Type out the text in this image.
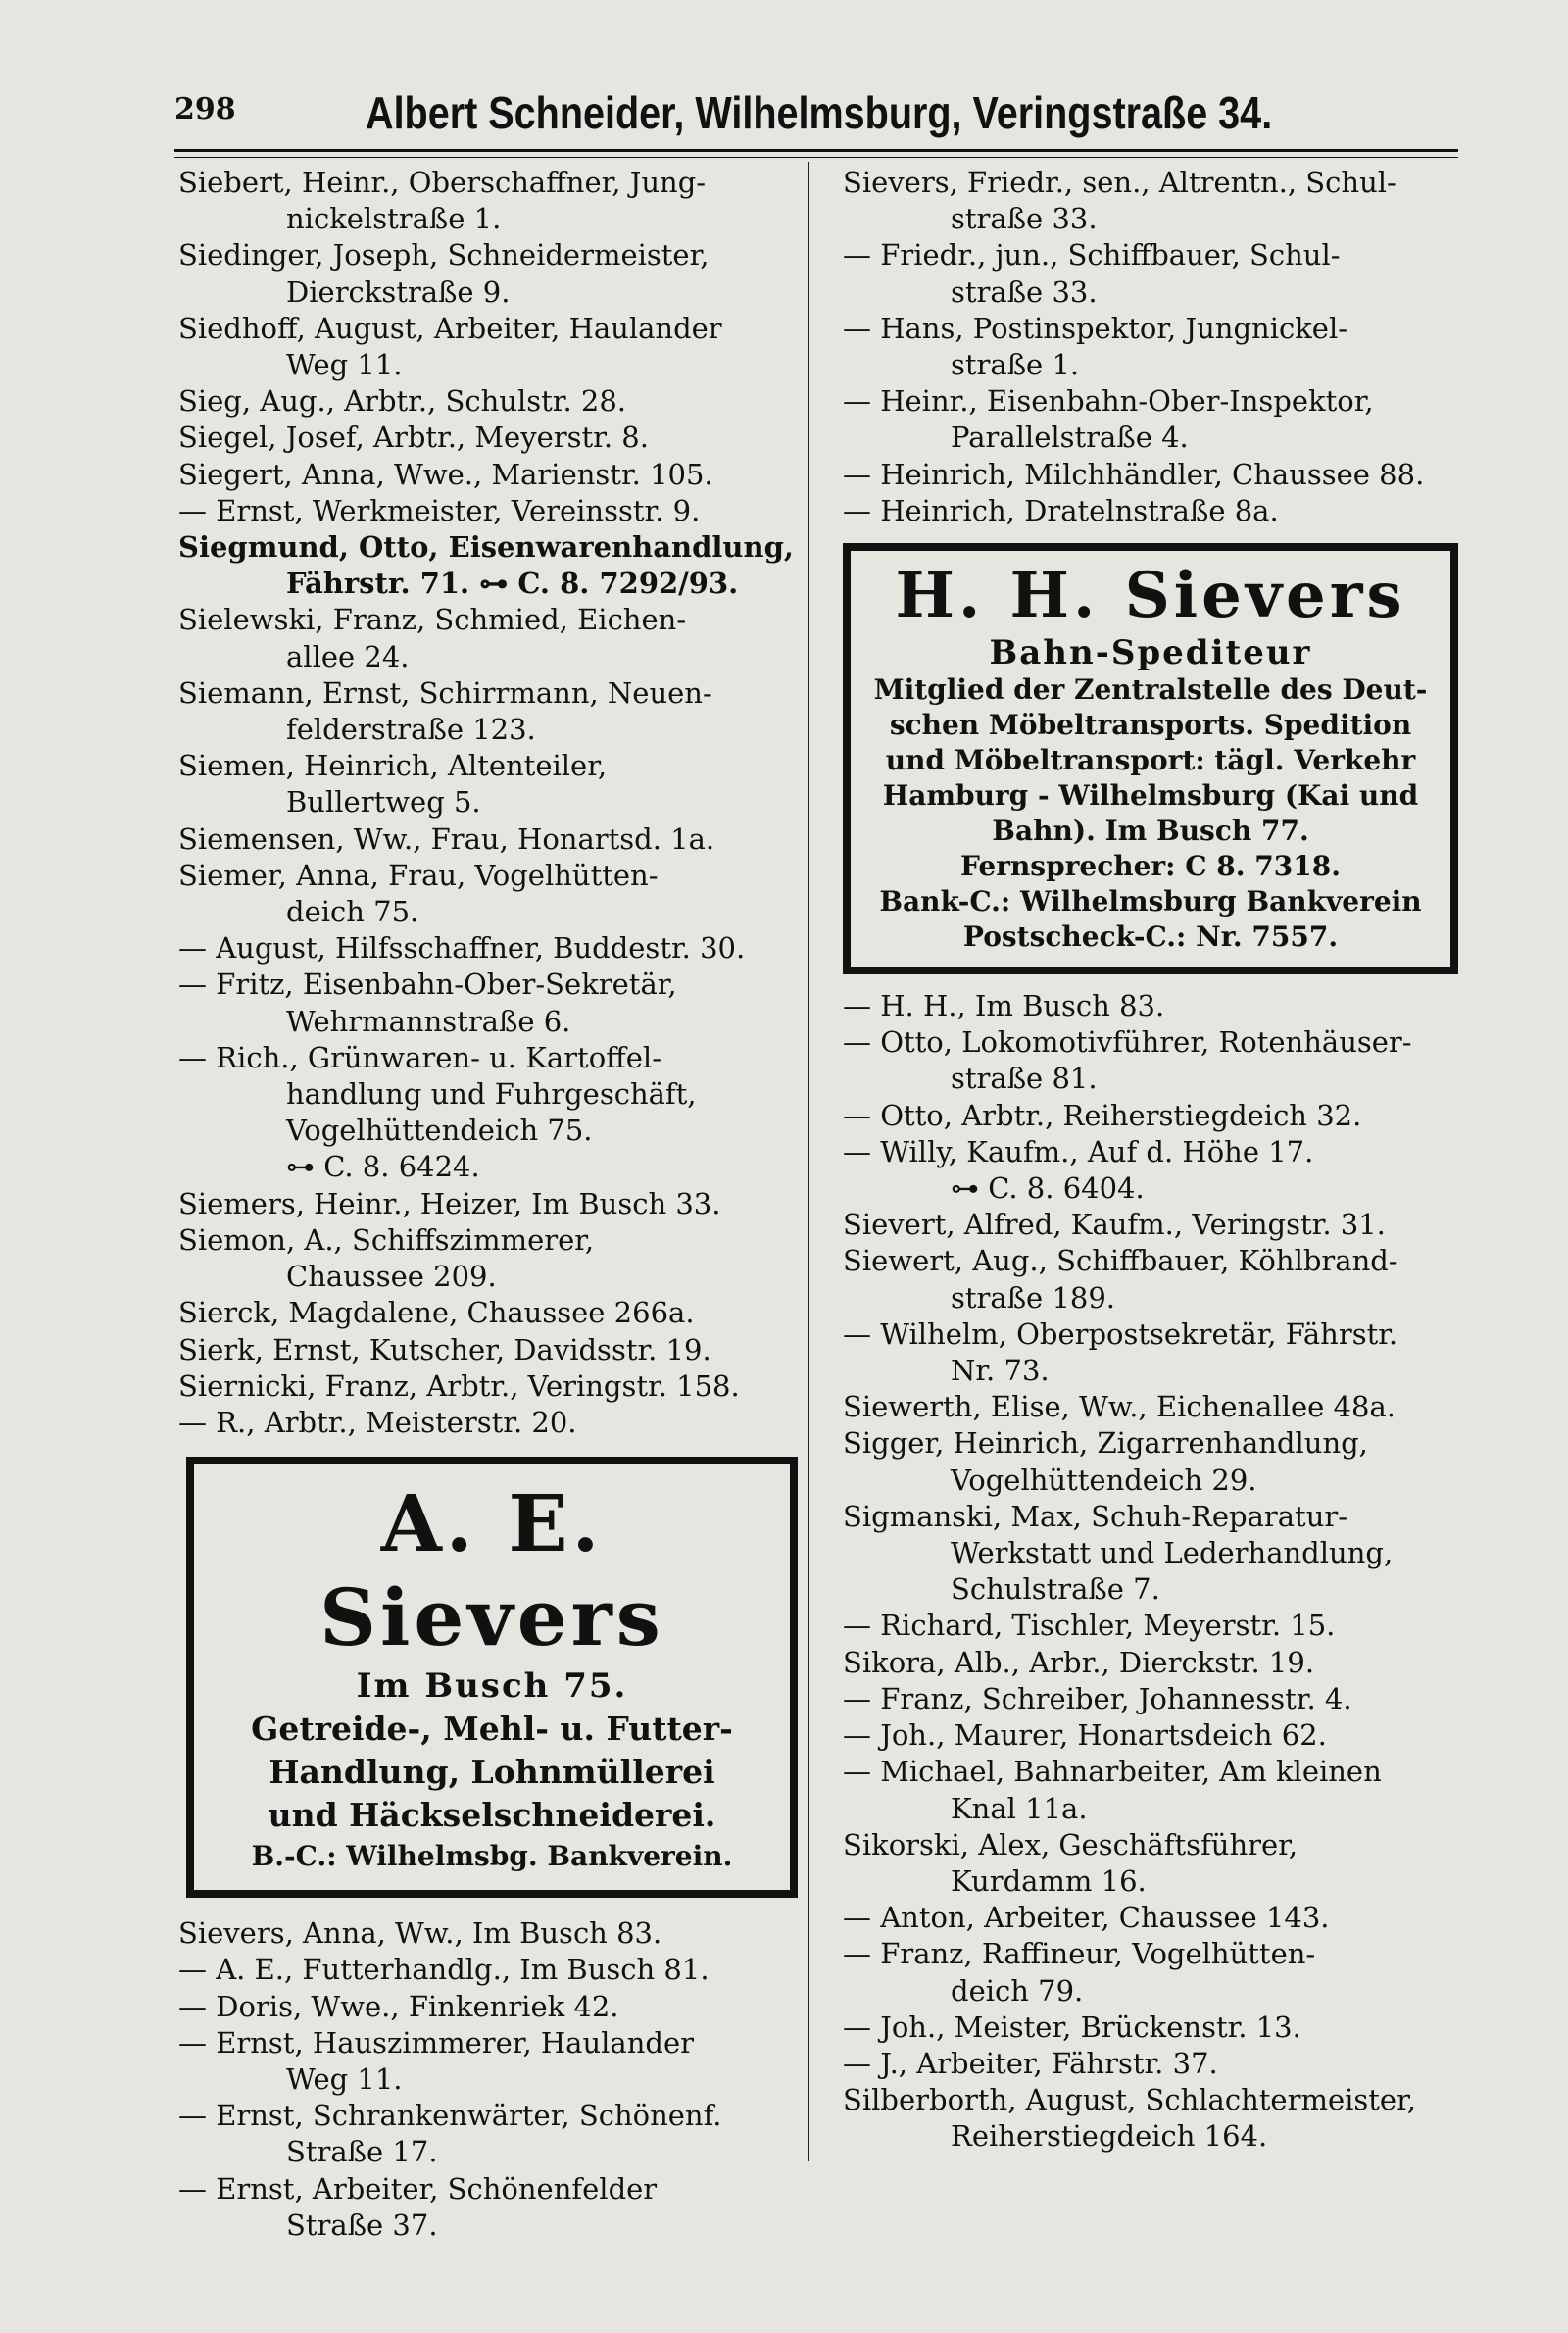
298	Albert Schneider, Wilhelmsburg, Veringstraße 34.
Siebert, Heinr., Oberschaffner, Jung-
nickelstraße 1.
Siedinger, Joseph, Schneidermeister,
Dierckstraße 9.
Siedhoff, August, Arbeiter, Haulander
Weg 11.
Sieg, Aug., Arbtr., Schulstr. 28.
Siegel, Josef, Arbtr., Meyerstr. 8.
Siegert, Anna, Wwe., Marienstr. 105.
— Ernst, Werkmeister, Vereinsstr. 9.
Siegmund, Otto, Eisenwarenhandlung,
Fährstr. 71. ⊶ C. 8. 7292/93.
Sielewski, Franz, Schmied, Eichen-
allee 24.
Siemann, Ernst, Schirrmann, Neuen-
felderstraße 123.
Siemen, Heinrich, Altenteiler,
Bullertweg 5.
Siemensen, Ww., Frau, Honartsd. 1a.
Siemer, Anna, Frau, Vogelhütten-
deich 75.
— August, Hilfsschaffner, Buddestr. 30.
— Fritz, Eisenbahn-Ober-Sekretär,
Wehrmannstraße 6.
— Rich., Grünwaren- u. Kartoffel-
handlung und Fuhrgeschäft,
Vogelhüttendeich 75.
⊶ C. 8. 6424.
Siemers, Heinr., Heizer, Im Busch 33.
Siemon, A., Schiffszimmerer,
Chaussee 209.
Sierck, Magdalene, Chaussee 266a.
Sierk, Ernst, Kutscher, Davidsstr. 19.
Siernicki, Franz, Arbtr., Veringstr. 158.
— R., Arbtr., Meisterstr. 20.
A. E. Sievers
Im Busch 75.
Getreide-, Mehl- u. Futter-
Handlung, Lohnmüllerei
und Häckselschneiderei.
B.-C.: Wilhelmsbg. Bankverein.
Sievers, Anna, Ww., Im Busch 83.
— A. E., Futterhandlg., Im Busch 81.
— Doris, Wwe., Finkenriek 42.
— Ernst, Hauszimmerer, Haulander
Weg 11.
— Ernst, Schrankenwärter, Schönenf.
Straße 17.
— Ernst, Arbeiter, Schönenfelder
Straße 37.
Sievers, Friedr., sen., Altrentn., Schul-
straße 33.
— Friedr., jun., Schiffbauer, Schul-
straße 33.
— Hans, Postinspektor, Jungnickel-
straße 1.
— Heinr., Eisenbahn-Ober-Inspektor,
Parallelstraße 4.
— Heinrich, Milchhändler, Chaussee 88.
— Heinrich, Dratelnstraße 8a.
H. H. Sievers
Bahn-Spediteur
Mitglied der Zentralstelle des Deut-
schen Möbeltransports. Spedition
und Möbeltransport: tägl. Verkehr
Hamburg - Wilhelmsburg (Kai und
Bahn). Im Busch 77.
Fernsprecher: C 8. 7318.
Bank-C.: Wilhelmsburg Bankverein
Postscheck-C.: Nr. 7557.
— H. H., Im Busch 83.
— Otto, Lokomotivführer, Rotenhäuser-
straße 81.
— Otto, Arbtr., Reiherstiegdeich 32.
— Willy, Kaufm., Auf d. Höhe 17.
⊶ C. 8. 6404.
Sievert, Alfred, Kaufm., Veringstr. 31.
Siewert, Aug., Schiffbauer, Köhlbrand-
straße 189.
— Wilhelm, Oberpostsekretär, Fährstr.
Nr. 73.
Siewerth, Elise, Ww., Eichenallee 48a.
Sigger, Heinrich, Zigarrenhandlung,
Vogelhüttendeich 29.
Sigmanski, Max, Schuh-Reparatur-
Werkstatt und Lederhandlung,
Schulstraße 7.
— Richard, Tischler, Meyerstr. 15.
Sikora, Alb., Arbr., Dierckstr. 19.
— Franz, Schreiber, Johannesstr. 4.
— Joh., Maurer, Honartsdeich 62.
— Michael, Bahnarbeiter, Am kleinen
Knal 11a.
Sikorski, Alex, Geschäftsführer,
Kurdamm 16.
— Anton, Arbeiter, Chaussee 143.
— Franz, Raffineur, Vogelhütten-
deich 79.
— Joh., Meister, Brückenstr. 13.
— J., Arbeiter, Fährstr. 37.
Silberborth, August, Schlachtermeister,
Reiherstiegdeich 164.
